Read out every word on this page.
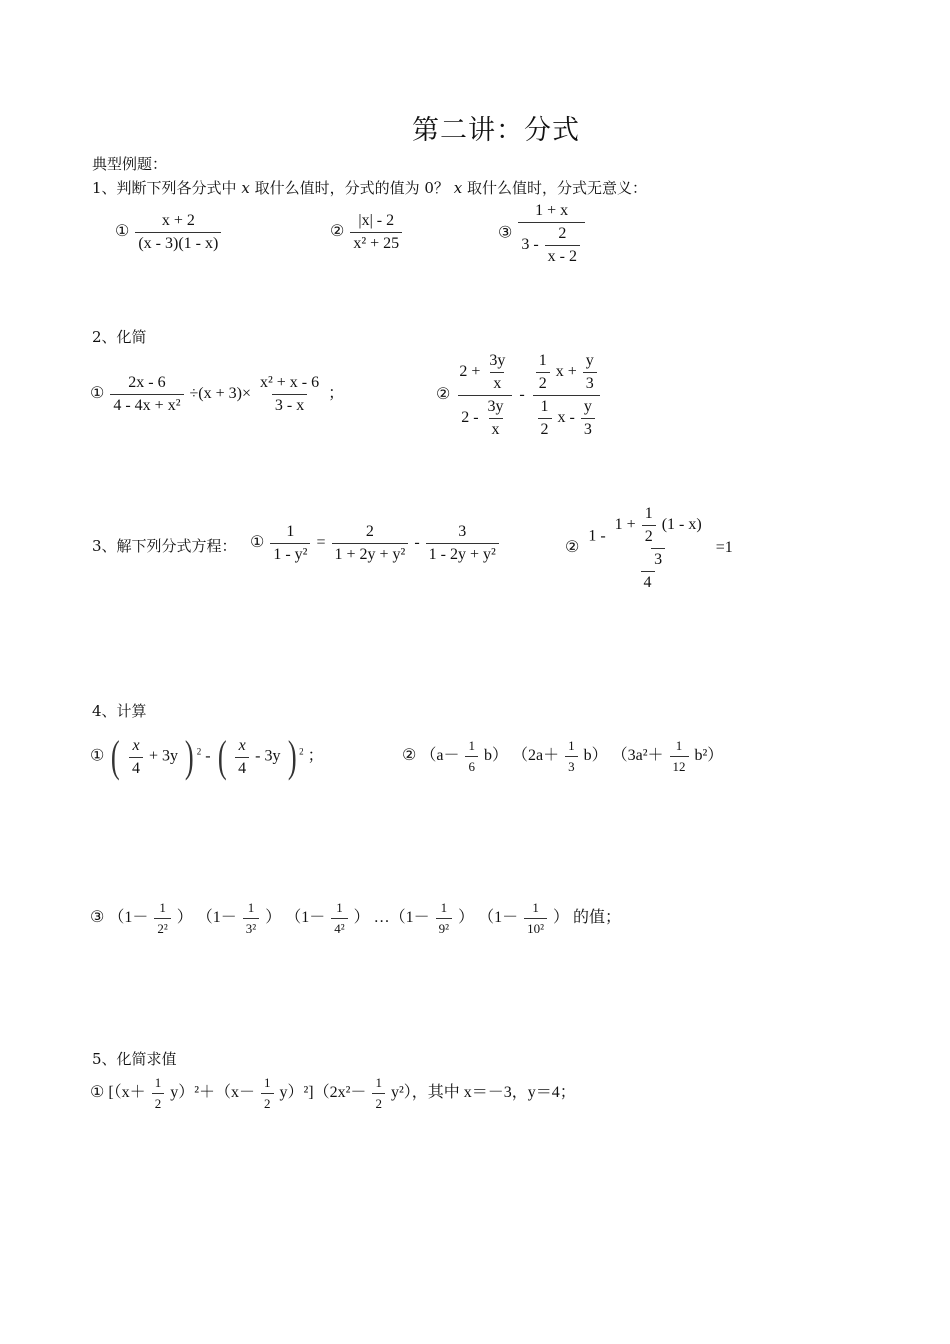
第二讲：分式
典型例题：
1、判断下列各分式中 x 取什么值时，分式的值为 0？ x 取什么值时，分式无意义：
① $\frac{x + 2}{(x - 3)(1 - x)}$	② $\frac{|x| - 2}{\text{x² + 25}}$	③ $\frac{1 + x}{3 - \frac{2}{x - 2}}$
2、化简
① $\frac{2x - 6}{\text{4 - 4x + x²}} \div(x + 3)\times \frac{\text{x² + x - 6}}{3 - x}$ ；	② $\frac{2 + \frac{3y}{x}}{2 - \frac{3y}{x}} - \frac{\frac{1}{2} x + \frac{y}{3}}{\frac{1}{2} x - \frac{y}{3}}$
3、解下列分式方程： ① $\frac{1}{\text{1 - y²}} = \frac{2}{\text{1 + 2y + y²}} - \frac{3}{\text{1 - 2y + y²}}$	②
1 -
$1 + \frac{1}{2} (1 - x)$
3
4
=1
4、计算
① ( $\frac{x}{4} + 3y$ ) $^2$ - ( $\frac{x}{4} - 3y$ ) $^2$ ；	② $(a- \frac{1}{6} b)$ $(2a+ \frac{1}{3} b)$ $(3a^2+ \frac{1}{12} b^2)$
③ （$1- \frac{1}{\text{2²}}$ ） （$1- \frac{1}{\text{3²}}$ ） （$1- \frac{1}{\text{4²}}$ ） …（1－ $\frac{1}{\text{9²}}$ ） （$1- \frac{1}{\text{10²}}$ ） 的值；
5、化简求值
① $[(x+ \frac{1}{2} y)^2+(x- \frac{1}{2} y)^2](2x^2- \frac{1}{2} y^2)$，其中 x＝－3，y＝4；
